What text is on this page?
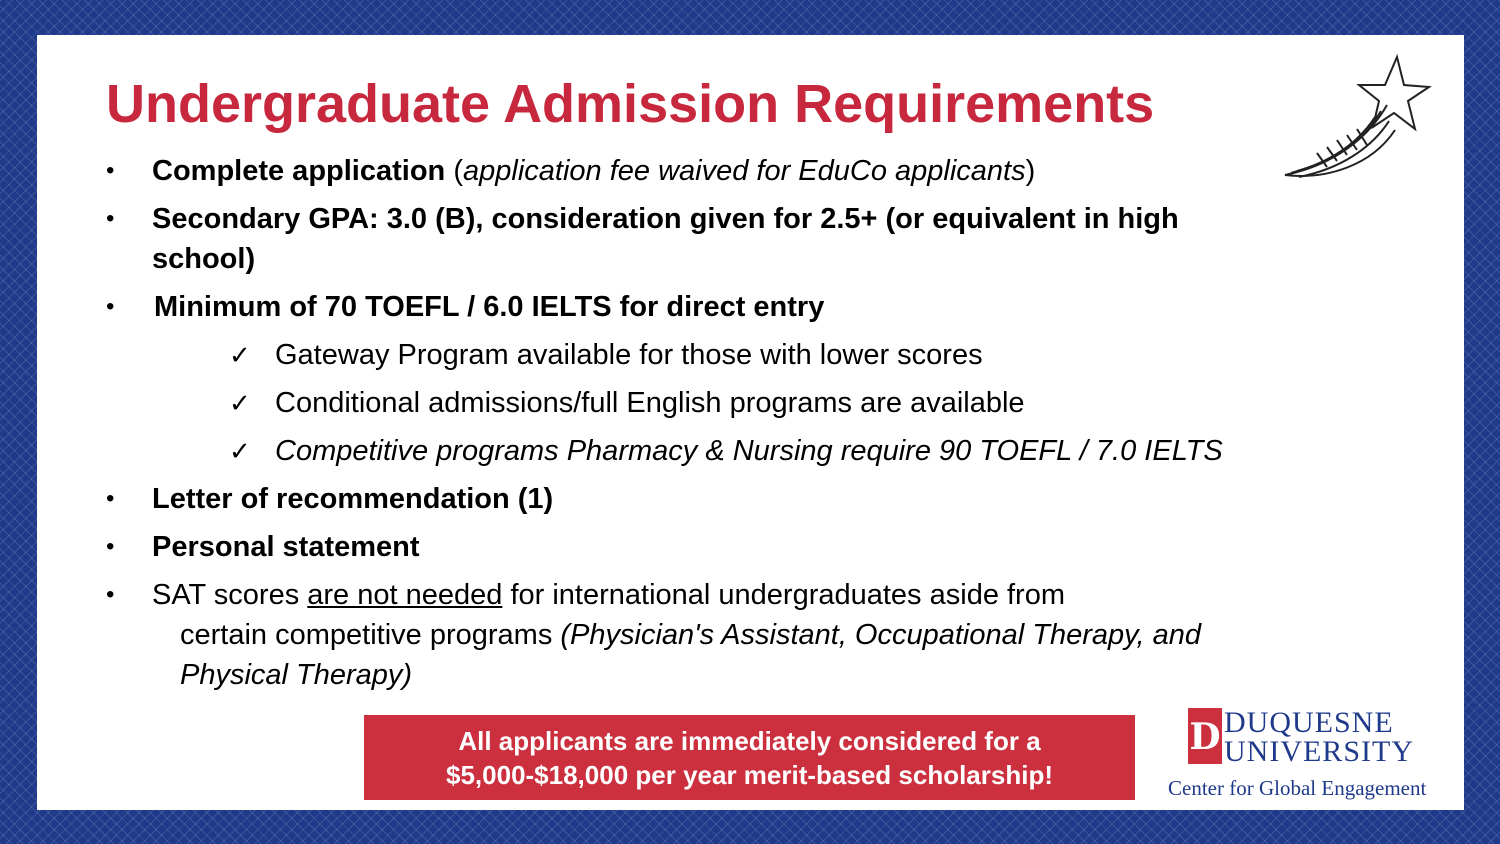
Undergraduate Admission Requirements
• Complete application (application fee waived for EduCo applicants)
• Secondary GPA: 3.0 (B), consideration given for 2.5+ (or equivalent in high
school)
• Minimum of 70 TOEFL / 6.0 IELTS for direct entry
✓ Gateway Program available for those with lower scores
✓ Conditional admissions/full English programs are available
✓ Competitive programs Pharmacy & Nursing require 90 TOEFL / 7.0 IELTS
• Letter of recommendation (1)
• Personal statement
• SAT scores are not needed for international undergraduates aside from
certain competitive programs (Physician's Assistant, Occupational Therapy, and
Physical Therapy)
All applicants are immediately considered for a
$5,000-$18,000 per year merit-based scholarship!
D DUQUESNE
UNIVERSITY
Center for Global Engagement
